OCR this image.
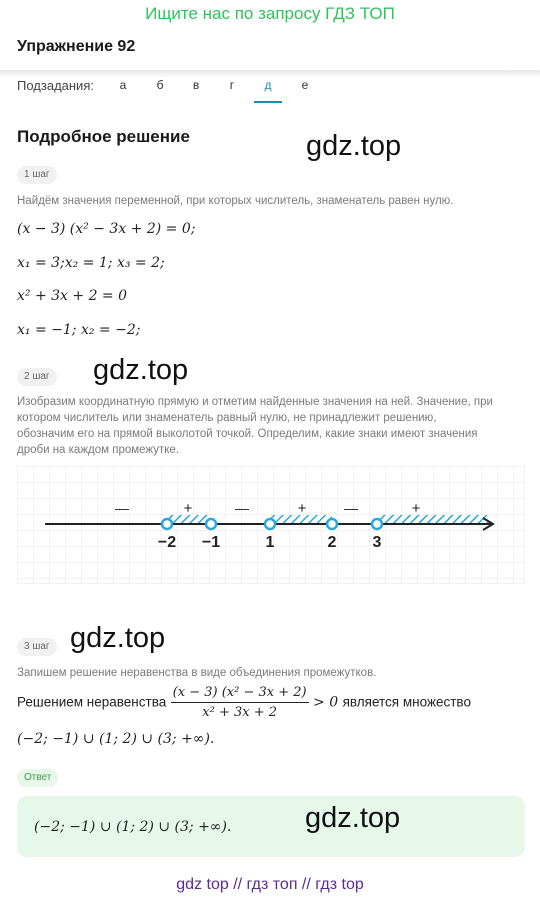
Ищите нас по запросу ГДЗ ТОП
Упражнение 92
Подзадания:	а	б	в	г	д	е
Подробное решение	gdz.top
1 шаг
Найдём значения переменной, при которых числитель, знаменатель равен нулю.
(x − 3) (x² − 3x + 2) = 0;
x₁ = 3;x₂ = 1; x₃ = 2;
x² + 3x + 2 = 0
x₁ = −1; x₂ = −2;
2 шаг gdz.top
Изобразим координатную прямую и отметим найденные значения на ней. Значение, при
котором числитель или знаменатель равный нулю, не принадлежит решению,
обозначим его на прямой выколотой точкой. Определим, какие знаки имеют значения
дроби на каждом промежутке.
−2 −1	1	2 3
—	+	—	+	—	+
3 шаг gdz.top
Запишем решение неравенства в виде объединения промежутков.
Решением неравенства $\frac{\text{(x − 3) (x² − 3x + 2)}}{\text{x² + 3x + 2}} > 0$ является множество
(−2; −1) ∪ (1; 2) ∪ (3; +∞).
Ответ
(−2; −1) ∪ (1; 2) ∪ (3; +∞).	gdz.top
gdz top // гдз топ // гдз top
